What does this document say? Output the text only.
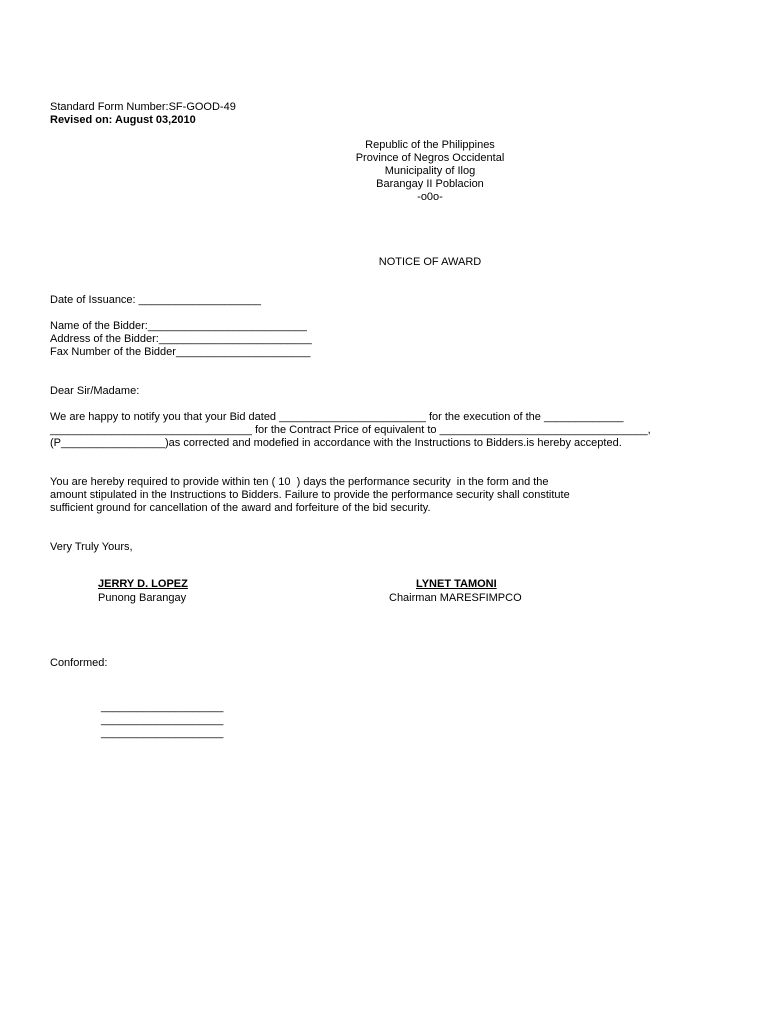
Standard Form Number:SF-GOOD-49
Revised on: August 03,2010
Republic of the Philippines
Province of Negros Occidental
Municipality of Ilog
Barangay II Poblacion
-o0o-
NOTICE OF AWARD
Date of Issuance: ____________________
Name of the Bidder:__________________________
Address of the Bidder:_________________________
Fax Number of the Bidder______________________
Dear Sir/Madame:
We are happy to notify you that your Bid dated ________________________ for the execution of the _____________
_________________________________ for the Contract Price of equivalent to __________________________________,
(P_________________)as corrected and modefied in accordance with the Instructions to Bidders.is hereby accepted.
You are hereby required to provide within ten ( 10  ) days the performance security  in the form and the
amount stipulated in the Instructions to Bidders. Failure to provide the performance security shall constitute
sufficient ground for cancellation of the award and forfeiture of the bid security.
Very Truly Yours,
JERRY D. LOPEZ
Punong Barangay
LYNET TAMONI
Chairman MARESFIMPCO
Conformed:
____________________
____________________
____________________
